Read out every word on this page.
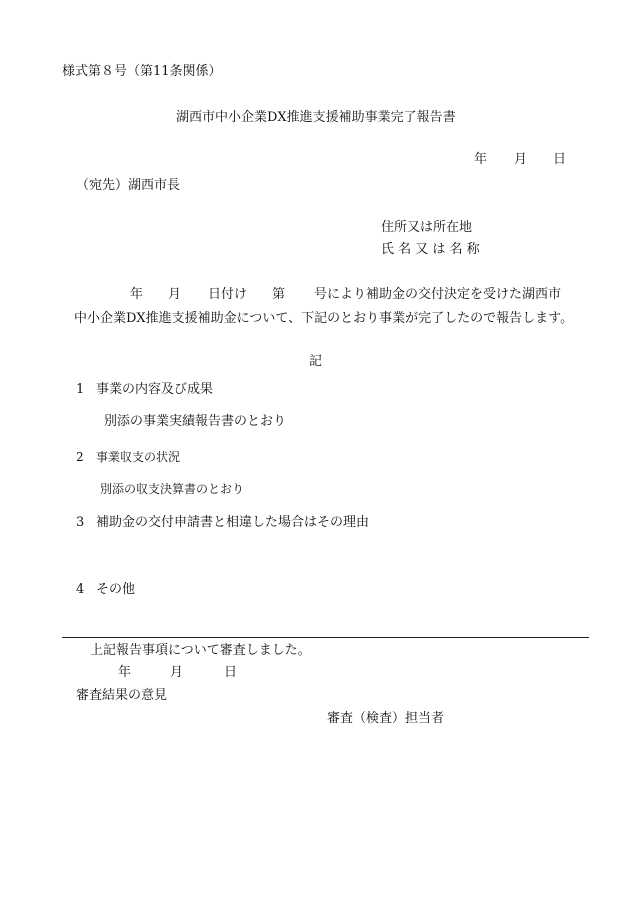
様式第８号（第11条関係）
湖西市中小企業DX推進支援補助事業完了報告書
年 月 日
（宛先）湖西市長
住所又は所在地
氏 名 又 は 名 称
年 月 日付け 第 号により補助金の交付決定を受けた湖西市
中小企業DX推進支援補助金について、下記のとおり事業が完了したので報告します。
記
1 事業の内容及び成果
別添の事業実績報告書のとおり
2 事業収支の状況
別添の収支決算書のとおり
3 補助金の交付申請書と相違した場合はその理由
4 その他
上記報告事項について審査しました。
年	月	日
審査結果の意見
審査（検査）担当者
